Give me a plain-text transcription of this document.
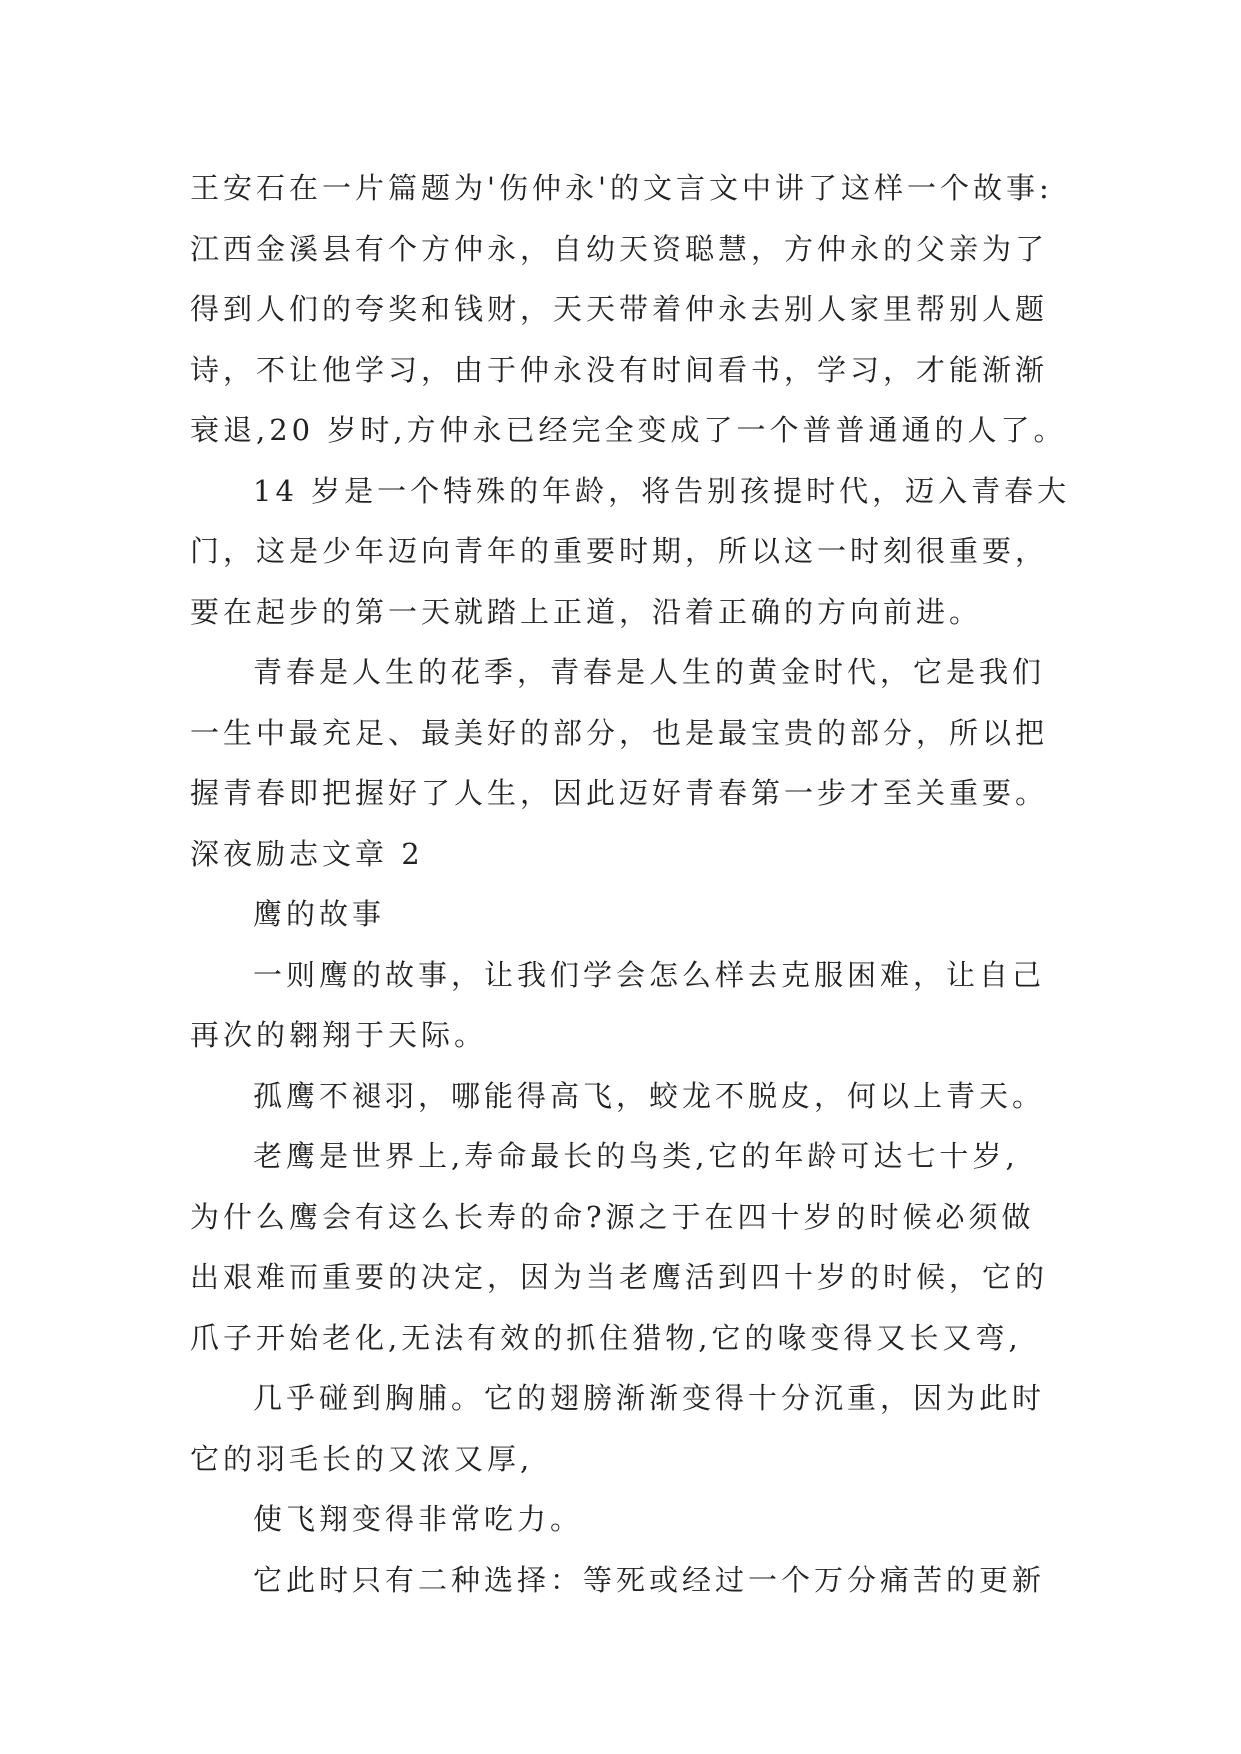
王安石在一片篇题为'伤仲永'的文言文中讲了这样一个故事:
江西金溪县有个方仲永，自幼天资聪慧，方仲永的父亲为了
得到人们的夸奖和钱财，天天带着仲永去别人家里帮别人题
诗，不让他学习，由于仲永没有时间看书，学习，才能渐渐
衰退,20 岁时,方仲永已经完全变成了一个普普通通的人了。
14 岁是一个特殊的年龄，将告别孩提时代，迈入青春大
门，这是少年迈向青年的重要时期，所以这一时刻很重要，
要在起步的第一天就踏上正道，沿着正确的方向前进。
青春是人生的花季，青春是人生的黄金时代，它是我们
一生中最充足、最美好的部分，也是最宝贵的部分，所以把
握青春即把握好了人生，因此迈好青春第一步才至关重要。
深夜励志文章 2
鹰的故事
一则鹰的故事，让我们学会怎么样去克服困难，让自己
再次的翱翔于天际。
孤鹰不褪羽，哪能得高飞，蛟龙不脱皮，何以上青天。
老鹰是世界上,寿命最长的鸟类,它的年龄可达七十岁,
为什么鹰会有这么长寿的命?源之于在四十岁的时候必须做
出艰难而重要的决定，因为当老鹰活到四十岁的时候，它的
爪子开始老化,无法有效的抓住猎物,它的喙变得又长又弯,
几乎碰到胸脯。它的翅膀渐渐变得十分沉重，因为此时
它的羽毛长的又浓又厚,
使飞翔变得非常吃力。
它此时只有二种选择：等死或经过一个万分痛苦的更新
